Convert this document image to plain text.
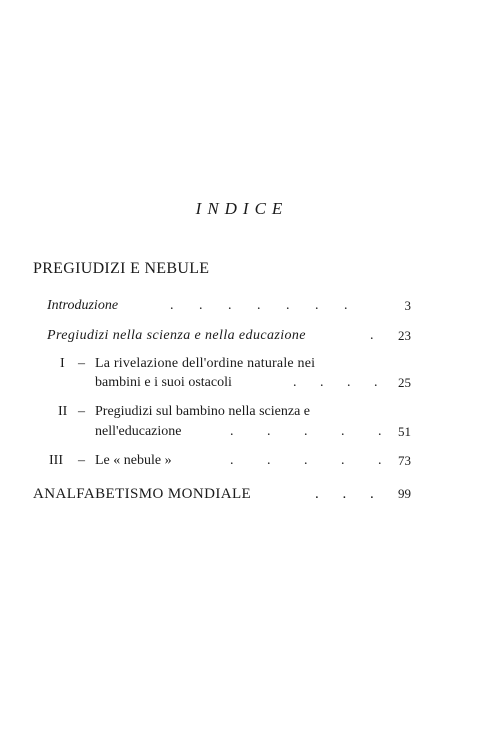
INDICE
PREGIUDIZI E NEBULE
Introduzione	. . . . . . .	3
Pregiudizi nella scienza e nella educazione	. 23
I – La rivelazione dell'ordine naturale nei
bambini e i suoi ostacoli	. . . . 25
II – Pregiudizi sul bambino nella scienza e
nell'educazione	. . . . . 51
III – Le « nebule »	. . . . . 73
ANALFABETISMO MONDIALE	. . . 99
